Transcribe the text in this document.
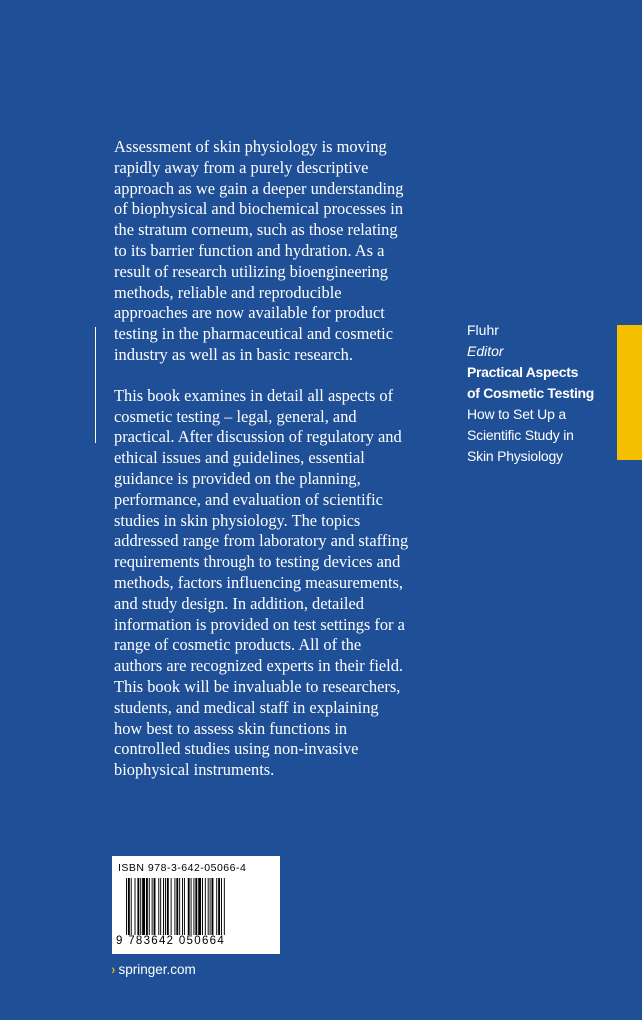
Assessment of skin physiology is moving
rapidly away from a purely descriptive
approach as we gain a deeper understanding
of biophysical and biochemical processes in
the stratum corneum, such as those relating
to its barrier function and hydration. As a
result of research utilizing bioengineering
methods, reliable and reproducible
approaches are now available for product
testing in the pharmaceutical and cosmetic
industry as well as in basic research.

This book examines in detail all aspects of
cosmetic testing – legal, general, and
practical. After discussion of regulatory and
ethical issues and guidelines, essential
guidance is provided on the planning,
performance, and evaluation of scientific
studies in skin physiology. The topics
addressed range from laboratory and staffing
requirements through to testing devices and
methods, factors influencing measurements,
and study design. In addition, detailed
information is provided on test settings for a
range of cosmetic products. All of the
authors are recognized experts in their field.
This book will be invaluable to researchers,
students, and medical staff in explaining
how best to assess skin functions in
controlled studies using non-invasive
biophysical instruments.

Fluhr
Editor
Practical Aspects
of Cosmetic Testing
How to Set Up a
Scientific Study in
Skin Physiology
ISBN 978-3-642-05066-4
9 783642 050664
› springer.com
